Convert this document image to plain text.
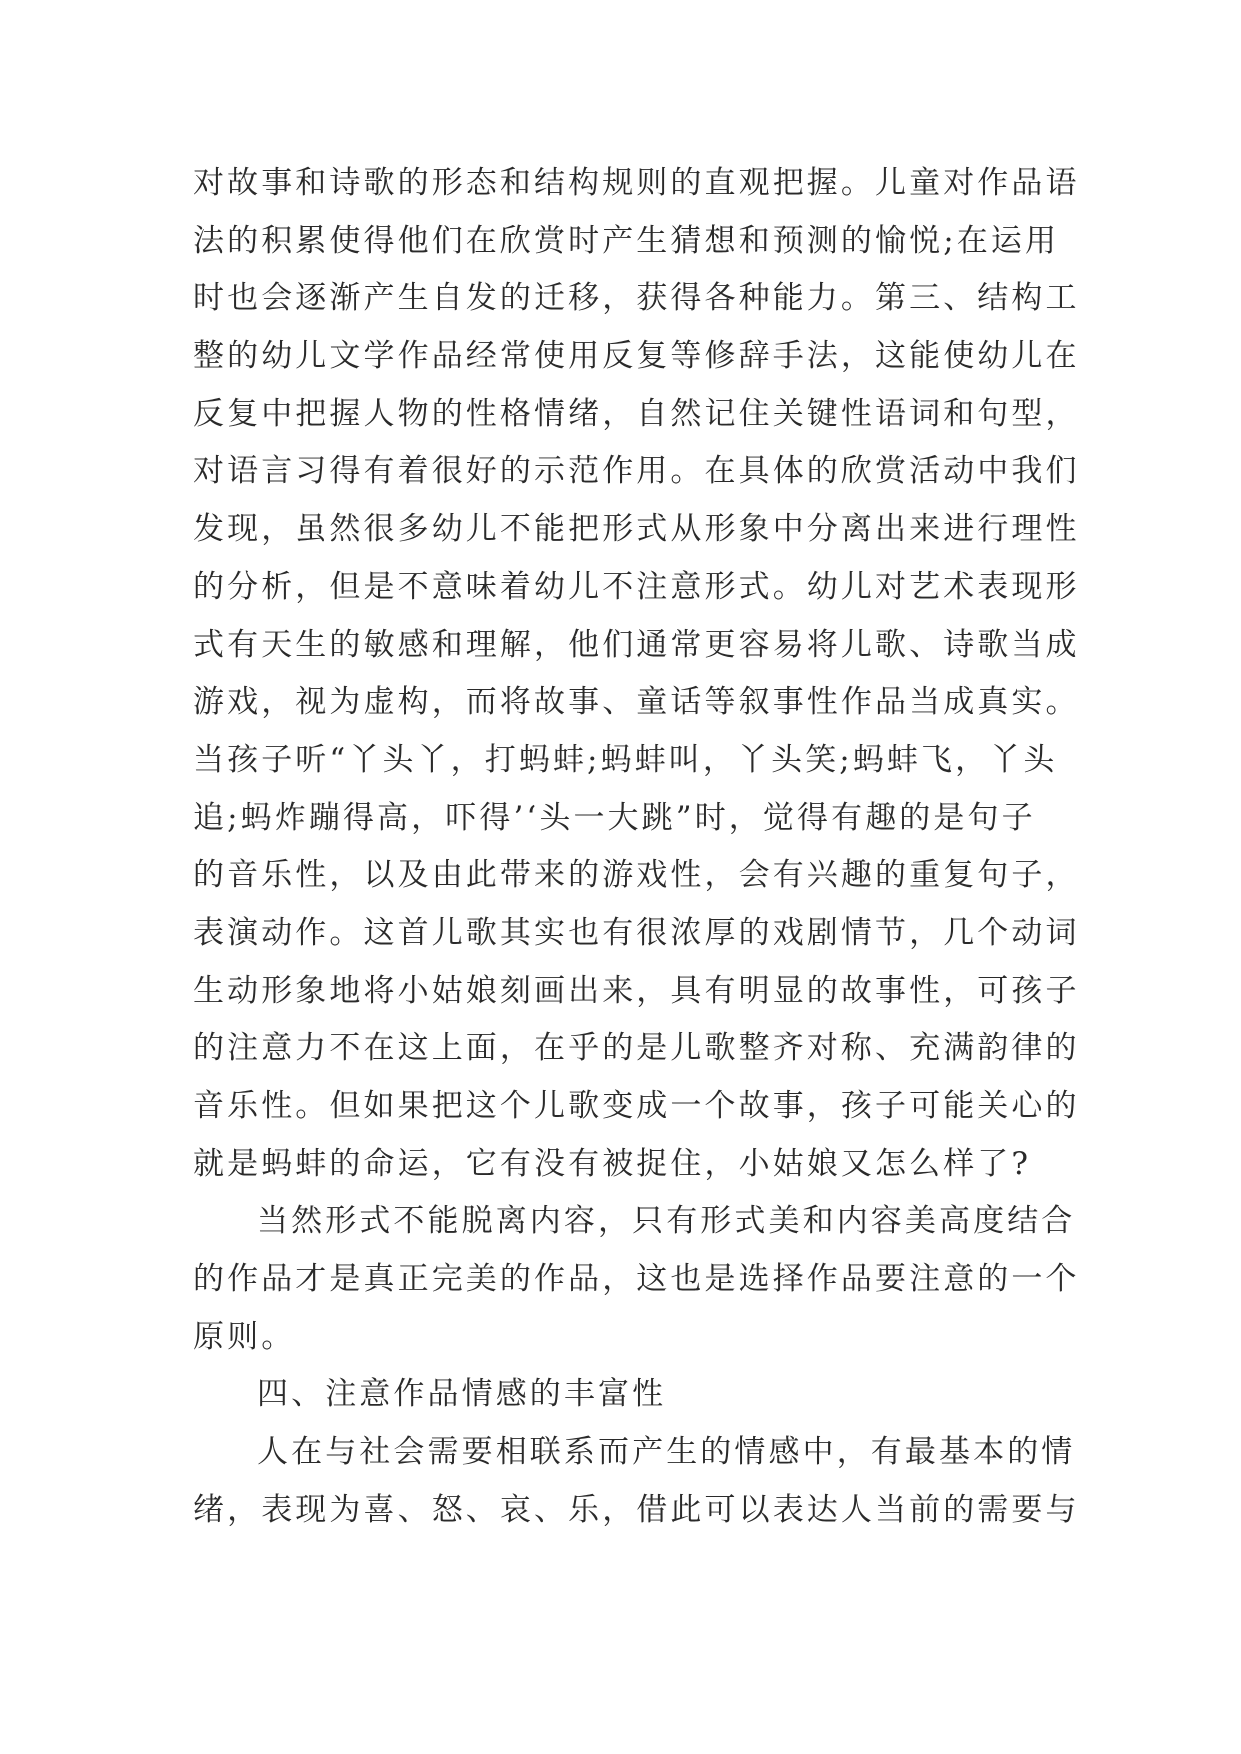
对故事和诗歌的形态和结构规则的直观把握。儿童对作品语
法的积累使得他们在欣赏时产生猜想和预测的愉悦;在运用
时也会逐渐产生自发的迁移，获得各种能力。第三、结构工
整的幼儿文学作品经常使用反复等修辞手法，这能使幼儿在
反复中把握人物的性格情绪，自然记住关键性语词和句型，
对语言习得有着很好的示范作用。在具体的欣赏活动中我们
发现，虽然很多幼儿不能把形式从形象中分离出来进行理性
的分析，但是不意味着幼儿不注意形式。幼儿对艺术表现形
式有天生的敏感和理解，他们通常更容易将儿歌、诗歌当成
游戏，视为虚构，而将故事、童话等叙事性作品当成真实。
当孩子听“丫头丫，打蚂蚌;蚂蚌叫，丫头笑;蚂蚌飞，丫头
追;蚂炸蹦得高，吓得’‘头一大跳”时，觉得有趣的是句子
的音乐性，以及由此带来的游戏性，会有兴趣的重复句子，
表演动作。这首儿歌其实也有很浓厚的戏剧情节，几个动词
生动形象地将小姑娘刻画出来，具有明显的故事性，可孩子
的注意力不在这上面，在乎的是儿歌整齐对称、充满韵律的
音乐性。但如果把这个儿歌变成一个故事，孩子可能关心的
就是蚂蚌的命运，它有没有被捉住，小姑娘又怎么样了?
当然形式不能脱离内容，只有形式美和内容美高度结合
的作品才是真正完美的作品，这也是选择作品要注意的一个
原则。
四、注意作品情感的丰富性
人在与社会需要相联系而产生的情感中，有最基本的情
绪，表现为喜、怒、哀、乐，借此可以表达人当前的需要与
